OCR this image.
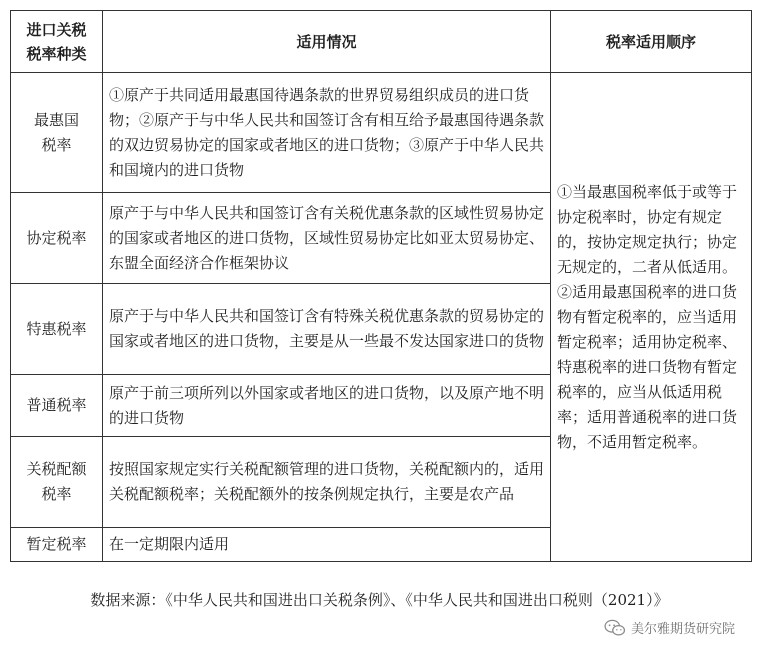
进口关税税率种类	适用情况	税率适用顺序
最惠国税率	①原产于共同适用最惠国待遇条款的世界贸易组织成员的进口货物；②原产于与中华人民共和国签订含有相互给予最惠国待遇条款的双边贸易协定的国家或者地区的进口货物；③原产于中华人民共和国境内的进口货物	①当最惠国税率低于或等于协定税率时，协定有规定的，按协定规定执行；协定无规定的，二者从低适用。②适用最惠国税率的进口货物有暂定税率的，应当适用暂定税率；适用协定税率、特惠税率的进口货物有暂定税率的，应当从低适用税率；适用普通税率的进口货物，不适用暂定税率。
协定税率	原产于与中华人民共和国签订含有关税优惠条款的区域性贸易协定的国家或者地区的进口货物，区域性贸易协定比如亚太贸易协定、东盟全面经济合作框架协议	
特惠税率	原产于与中华人民共和国签订含有特殊关税优惠条款的贸易协定的国家或者地区的进口货物，主要是从一些最不发达国家进口的货物	
普通税率	原产于前三项所列以外国家或者地区的进口货物，以及原产地不明的进口货物	
关税配额税率	按照国家规定实行关税配额管理的进口货物，关税配额内的，适用关税配额税率；关税配额外的按条例规定执行，主要是农产品	
暂定税率	在一定期限内适用	
数据来源：《中华人民共和国进出口关税条例》、《中华人民共和国进出口税则（2021）》
美尔雅期货研究院
